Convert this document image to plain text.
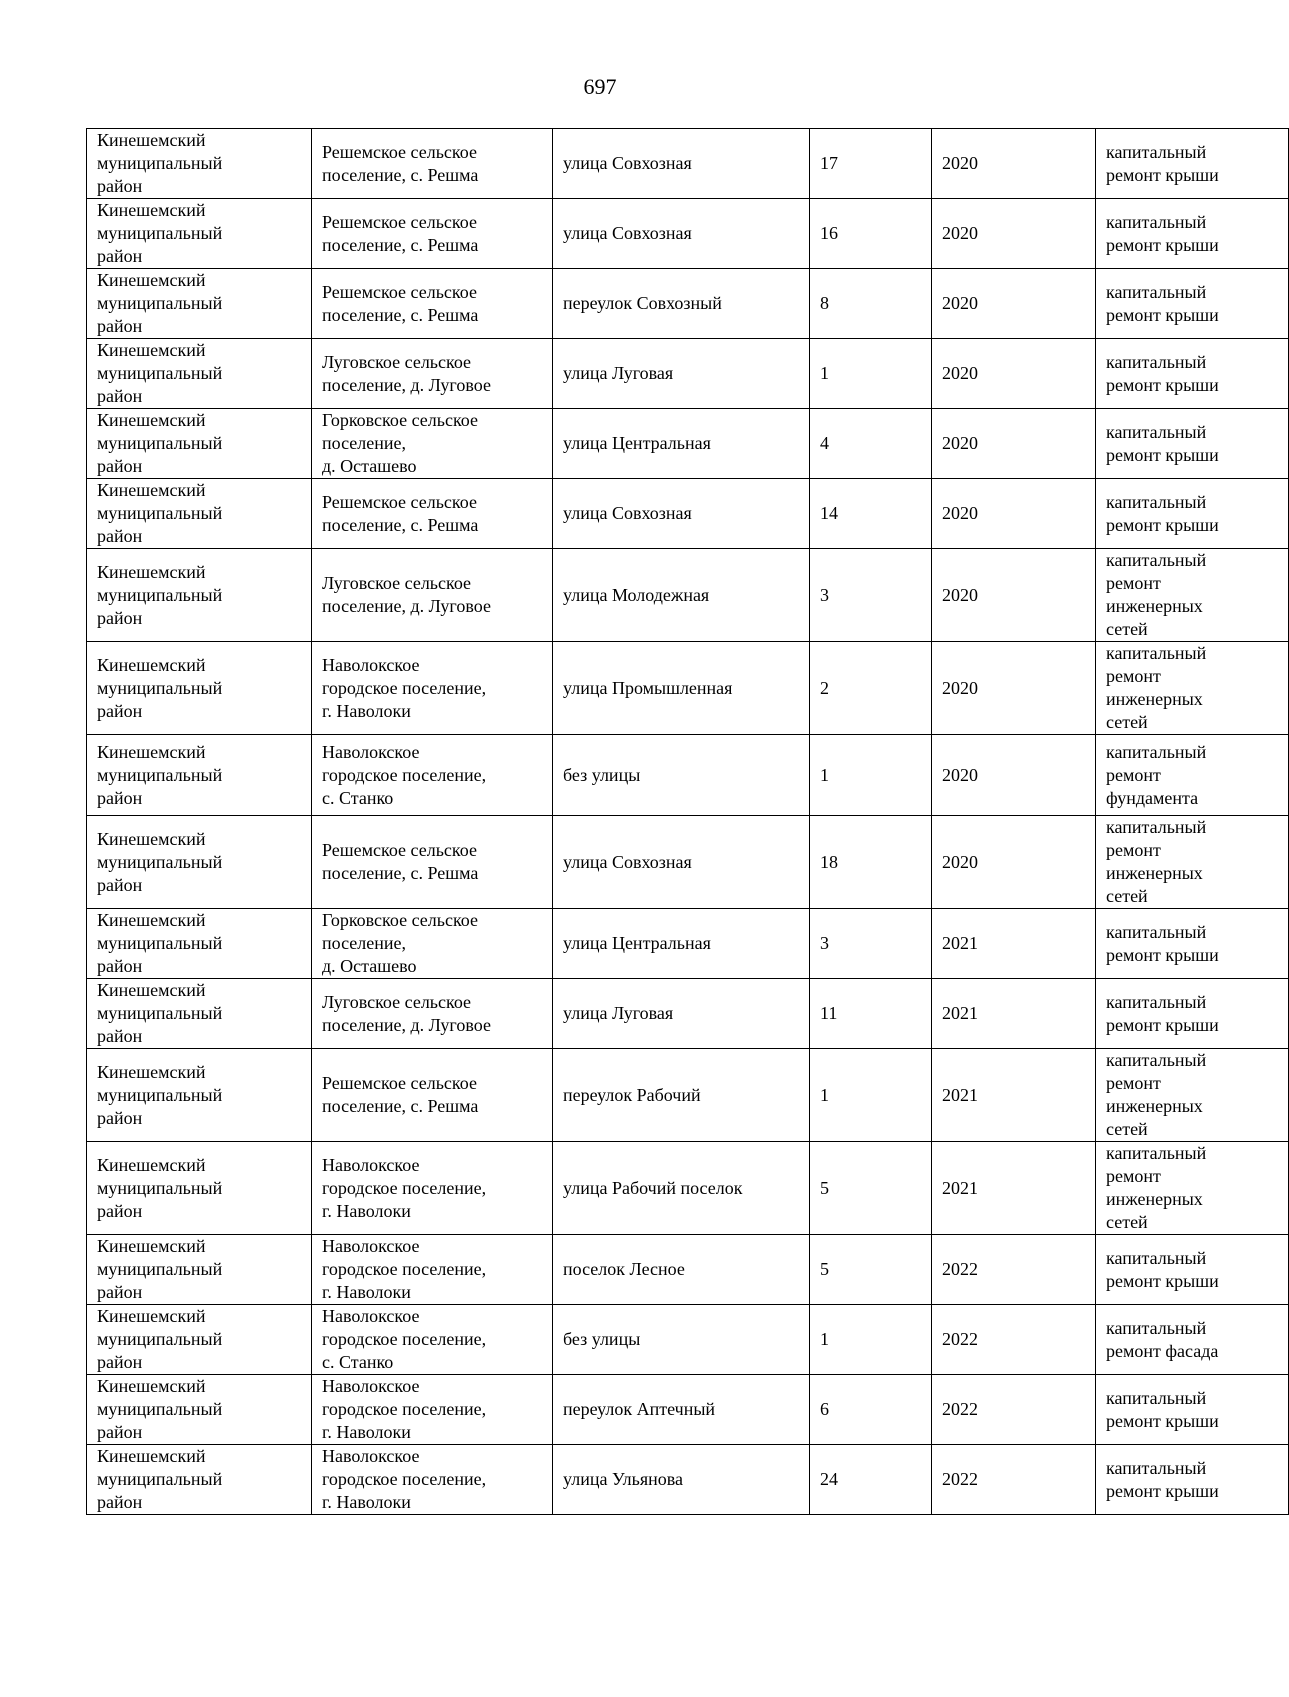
697
Кинешемский
муниципальный
район	Решемское сельское
поселение, с. Решма	улица Совхозная	17	2020	капитальный
ремонт крыши
Кинешемский
муниципальный
район	Решемское сельское
поселение, с. Решма	улица Совхозная	16	2020	капитальный
ремонт крыши
Кинешемский
муниципальный
район	Решемское сельское
поселение, с. Решма	переулок Совхозный	8	2020	капитальный
ремонт крыши
Кинешемский
муниципальный
район	Луговское сельское
поселение, д. Луговое	улица Луговая	1	2020	капитальный
ремонт крыши
Кинешемский
муниципальный
район	Горковское сельское
поселение,
д. Осташево	улица Центральная	4	2020	капитальный
ремонт крыши
Кинешемский
муниципальный
район	Решемское сельское
поселение, с. Решма	улица Совхозная	14	2020	капитальный
ремонт крыши
Кинешемский
муниципальный
район	Луговское сельское
поселение, д. Луговое	улица Молодежная	3	2020	капитальный
ремонт
инженерных
сетей
Кинешемский
муниципальный
район	Наволокское
городское поселение,
г. Наволоки	улица Промышленная	2	2020	капитальный
ремонт
инженерных
сетей
Кинешемский
муниципальный
район	Наволокское
городское поселение,
с. Станко	без улицы	1	2020	капитальный
ремонт
фундамента
Кинешемский
муниципальный
район	Решемское сельское
поселение, с. Решма	улица Совхозная	18	2020	капитальный
ремонт
инженерных
сетей
Кинешемский
муниципальный
район	Горковское сельское
поселение,
д. Осташево	улица Центральная	3	2021	капитальный
ремонт крыши
Кинешемский
муниципальный
район	Луговское сельское
поселение, д. Луговое	улица Луговая	11	2021	капитальный
ремонт крыши
Кинешемский
муниципальный
район	Решемское сельское
поселение, с. Решма	переулок Рабочий	1	2021	капитальный
ремонт
инженерных
сетей
Кинешемский
муниципальный
район	Наволокское
городское поселение,
г. Наволоки	улица Рабочий поселок	5	2021	капитальный
ремонт
инженерных
сетей
Кинешемский
муниципальный
район	Наволокское
городское поселение,
г. Наволоки	поселок Лесное	5	2022	капитальный
ремонт крыши
Кинешемский
муниципальный
район	Наволокское
городское поселение,
с. Станко	без улицы	1	2022	капитальный
ремонт фасада
Кинешемский
муниципальный
район	Наволокское
городское поселение,
г. Наволоки	переулок Аптечный	6	2022	капитальный
ремонт крыши
Кинешемский
муниципальный
район	Наволокское
городское поселение,
г. Наволоки	улица Ульянова	24	2022	капитальный
ремонт крыши
